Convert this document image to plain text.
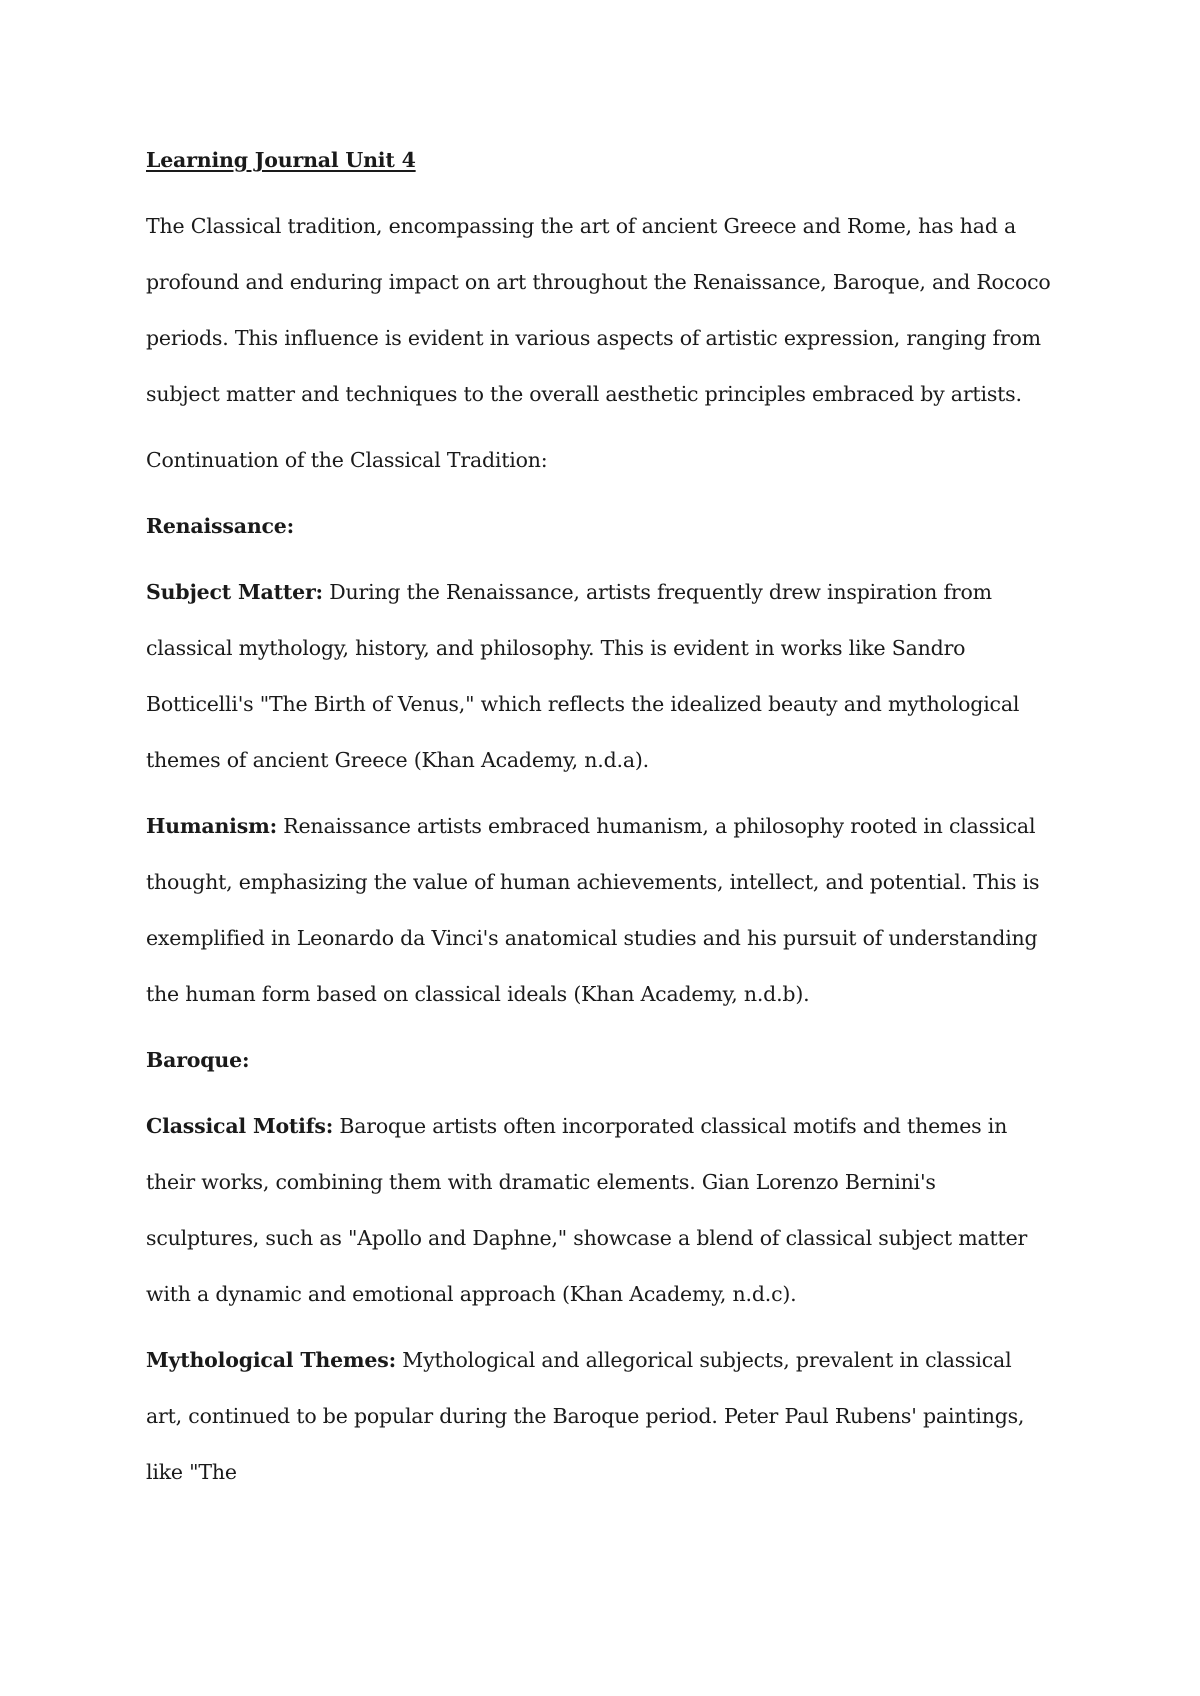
Learning Journal Unit 4

The Classical tradition, encompassing the art of ancient Greece and Rome, has had a profound and enduring impact on art throughout the Renaissance, Baroque, and Rococo periods. This influence is evident in various aspects of artistic expression, ranging from subject matter and techniques to the overall aesthetic principles embraced by artists.

Continuation of the Classical Tradition:

Renaissance:

Subject Matter: During the Renaissance, artists frequently drew inspiration from classical mythology, history, and philosophy. This is evident in works like Sandro Botticelli's "The Birth of Venus," which reflects the idealized beauty and mythological themes of ancient Greece (Khan Academy, n.d.a).

Humanism: Renaissance artists embraced humanism, a philosophy rooted in classical thought, emphasizing the value of human achievements, intellect, and potential. This is exemplified in Leonardo da Vinci's anatomical studies and his pursuit of understanding the human form based on classical ideals (Khan Academy, n.d.b).

Baroque:

Classical Motifs: Baroque artists often incorporated classical motifs and themes in their works, combining them with dramatic elements. Gian Lorenzo Bernini's sculptures, such as "Apollo and Daphne," showcase a blend of classical subject matter with a dynamic and emotional approach (Khan Academy, n.d.c).

Mythological Themes: Mythological and allegorical subjects, prevalent in classical art, continued to be popular during the Baroque period. Peter Paul Rubens' paintings, like "The
